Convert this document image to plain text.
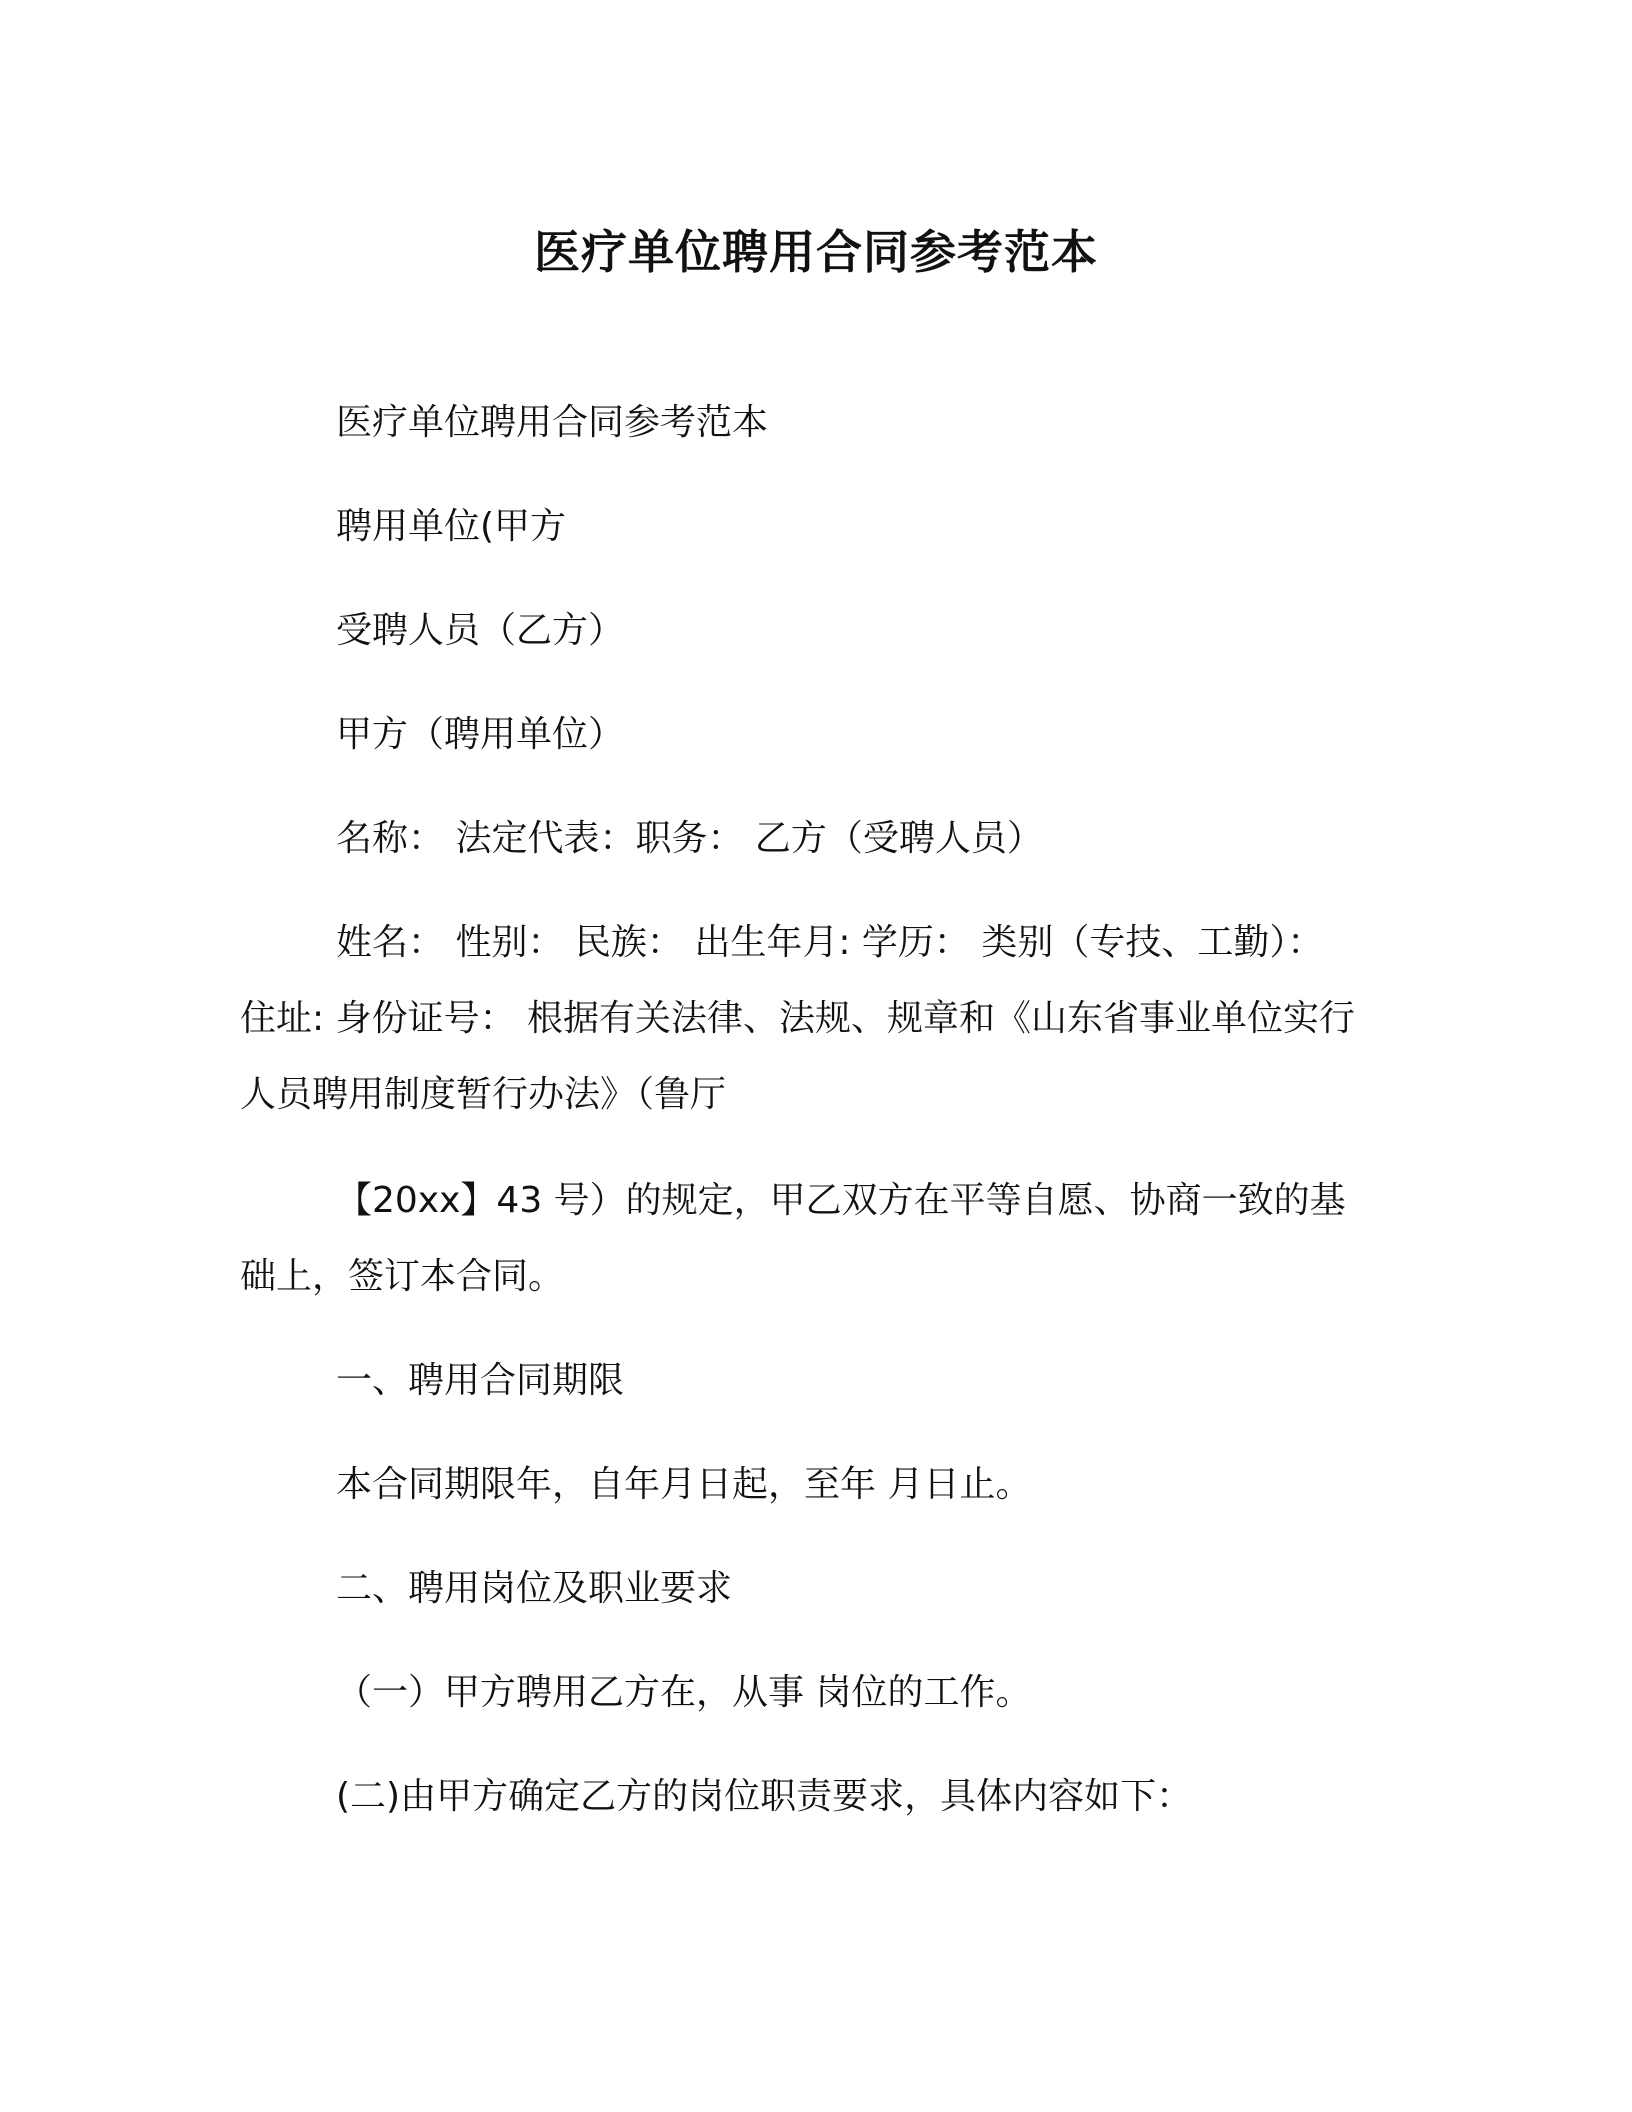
医疗单位聘用合同参考范本
医疗单位聘用合同参考范本
聘用单位(甲方
受聘人员（乙方）
甲方（聘用单位）
名称： 法定代表：职务： 乙方（受聘人员）
姓名： 性别： 民族： 出生年月: 学历： 类别（专技、工勤）：
住址: 身份证号： 根据有关法律、法规、规章和《山东省事业单位实行
人员聘用制度暂行办法》（鲁厅
【20xx】43 号）的规定，甲乙双方在平等自愿、协商一致的基
础上，签订本合同。
一、聘用合同期限
本合同期限年，自年月日起，至年 月日止。
二、聘用岗位及职业要求
（一）甲方聘用乙方在，从事 岗位的工作。
(二)由甲方确定乙方的岗位职责要求，具体内容如下：
